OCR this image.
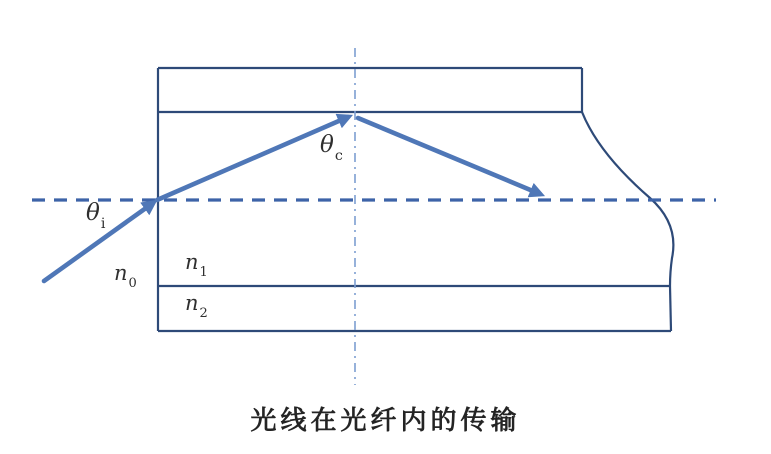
$\theta_i$
$\theta_c$
$n_0$
$n_1$
$n_2$
光线在光纤内的传输
